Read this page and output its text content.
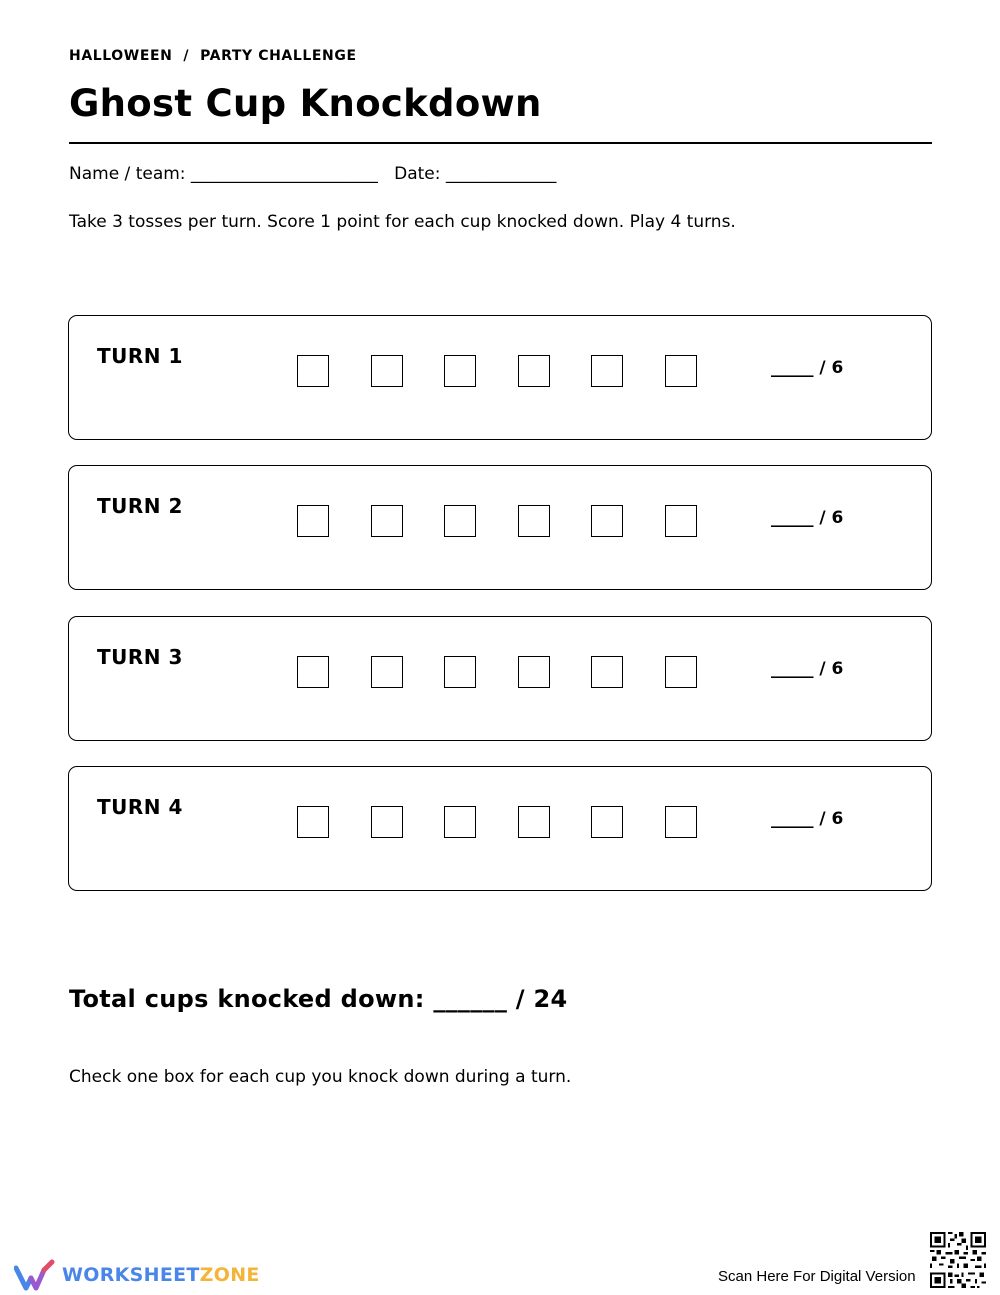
HALLOWEEN  /  PARTY CHALLENGE
Ghost Cup Knockdown
Name / team: ______________________   Date: _____________
Take 3 tosses per turn. Score 1 point for each cup knocked down. Play 4 turns.
TURN 1	_____ / 6
TURN 2	_____ / 6
TURN 3	_____ / 6
TURN 4	_____ / 6
Total cups knocked down: ______ / 24
Check one box for each cup you knock down during a turn.
WORKSHEETZONE	Scan Here For Digital Version
